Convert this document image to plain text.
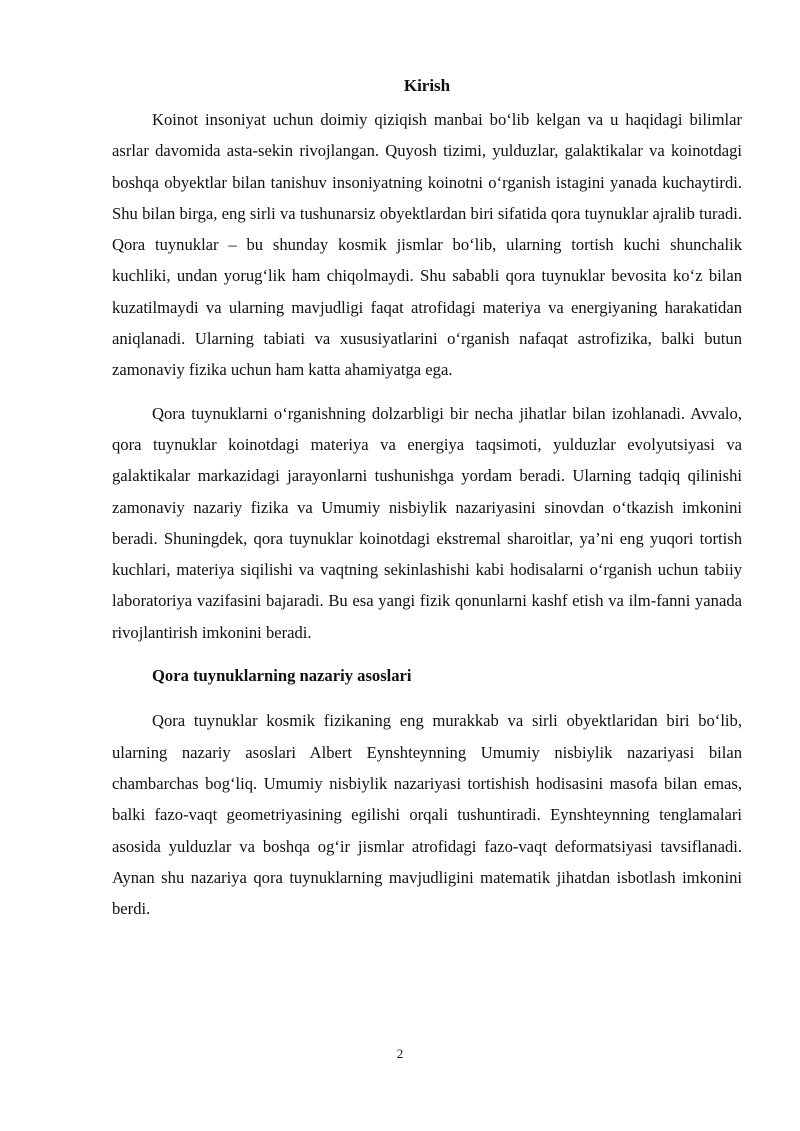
Kirish

Koinot insoniyat uchun doimiy qiziqish manbai bo‘lib kelgan va u haqidagi bilimlar asrlar davomida asta-sekin rivojlangan. Quyosh tizimi, yulduzlar, galaktikalar va koinotdagi boshqa obyektlar bilan tanishuv insoniyatning koinotni o‘rganish istagini yanada kuchaytirdi. Shu bilan birga, eng sirli va tushunarsiz obyektlardan biri sifatida qora tuynuklar ajralib turadi. Qora tuynuklar – bu shunday kosmik jismlar bo‘lib, ularning tortish kuchi shunchalik kuchliki, undan yorug‘lik ham chiqolmaydi. Shu sababli qora tuynuklar bevosita ko‘z bilan kuzatilmaydi va ularning mavjudligi faqat atrofidagi materiya va energiyaning harakatidan aniqlanadi. Ularning tabiati va xususiyatlarini o‘rganish nafaqat astrofizika, balki butun zamonaviy fizika uchun ham katta ahamiyatga ega.

Qora tuynuklarni o‘rganishning dolzarbligi bir necha jihatlar bilan izohlanadi. Avvalo, qora tuynuklar koinotdagi materiya va energiya taqsimoti, yulduzlar evolyutsiyasi va galaktikalar markazidagi jarayonlarni tushunishga yordam beradi. Ularning tadqiq qilinishi zamonaviy nazariy fizika va Umumiy nisbiylik nazariyasini sinovdan o‘tkazish imkonini beradi. Shuningdek, qora tuynuklar koinotdagi ekstremal sharoitlar, ya’ni eng yuqori tortish kuchlari, materiya siqilishi va vaqtning sekinlashishi kabi hodisalarni o‘rganish uchun tabiiy laboratoriya vazifasini bajaradi. Bu esa yangi fizik qonunlarni kashf etish va ilm-fanni yanada rivojlantirish imkonini beradi.

Qora tuynuklarning nazariy asoslari

Qora tuynuklar kosmik fizikaning eng murakkab va sirli obyektlaridan biri bo‘lib, ularning nazariy asoslari Albert Eynshteynning Umumiy nisbiylik nazariyasi bilan chambarchas bog‘liq. Umumiy nisbiylik nazariyasi tortishish hodisasini masofa bilan emas, balki fazo-vaqt geometriyasining egilishi orqali tushuntiradi. Eynshteynning tenglamalari asosida yulduzlar va boshqa og‘ir jismlar atrofidagi fazo-vaqt deformatsiyasi tavsiflanadi. Aynan shu nazariya qora tuynuklarning mavjudligini matematik jihatdan isbotlash imkonini berdi.

2
